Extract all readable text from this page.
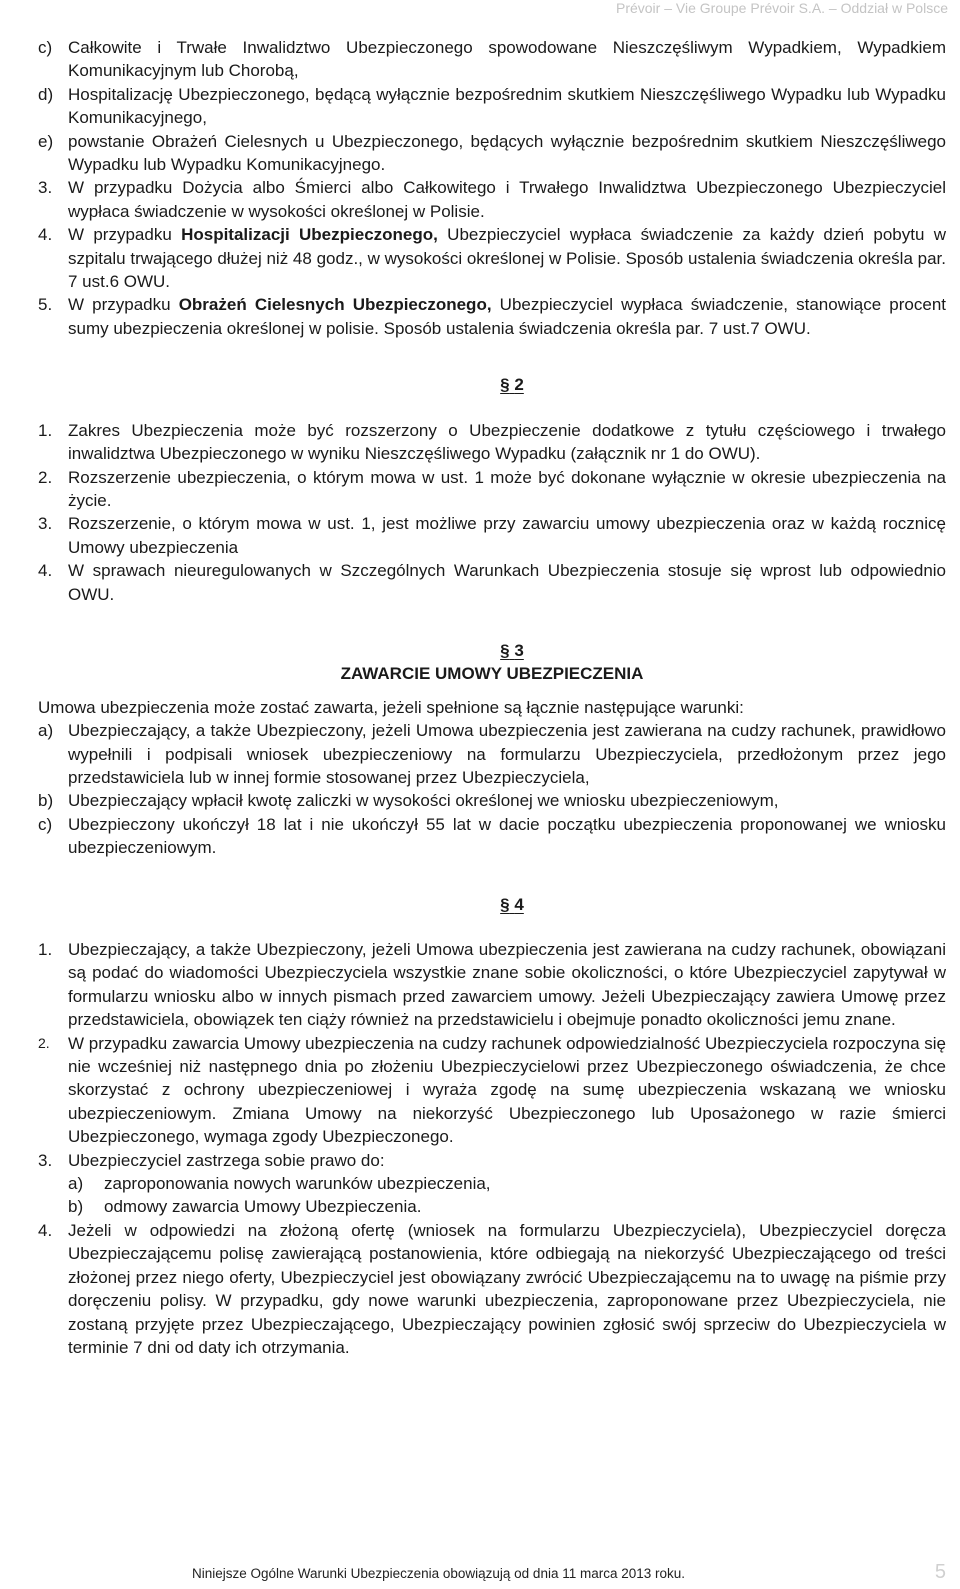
Prévoir – Vie Groupe Prévoir S.A. – Oddział w Polsce
c) Całkowite i Trwałe Inwalidztwo Ubezpieczonego spowodowane Nieszczęśliwym Wypadkiem, Wypadkiem Komunikacyjnym lub Chorobą,
d) Hospitalizację Ubezpieczonego, będącą wyłącznie bezpośrednim skutkiem Nieszczęśliwego Wypadku lub Wypadku Komunikacyjnego,
e) powstanie Obrażeń Cielesnych u Ubezpieczonego, będących wyłącznie bezpośrednim skutkiem Nieszczęśliwego Wypadku lub Wypadku Komunikacyjnego.
3. W przypadku Dożycia albo Śmierci albo Całkowitego i Trwałego Inwalidztwa Ubezpieczonego Ubezpieczyciel wypłaca świadczenie w wysokości określonej w Polisie.
4. W przypadku Hospitalizacji Ubezpieczonego, Ubezpieczyciel wypłaca świadczenie za każdy dzień pobytu w szpitalu trwającego dłużej niż 48 godz., w wysokości określonej w Polisie. Sposób ustalenia świadczenia określa par. 7 ust.6 OWU.
5. W przypadku Obrażeń Cielesnych Ubezpieczonego, Ubezpieczyciel wypłaca świadczenie, stanowiące procent sumy ubezpieczenia określonej w polisie. Sposób ustalenia świadczenia określa par. 7 ust.7 OWU.

§ 2

1. Zakres Ubezpieczenia może być rozszerzony o Ubezpieczenie dodatkowe z tytułu częściowego i trwałego inwalidztwa Ubezpieczonego w wyniku Nieszczęśliwego Wypadku (załącznik nr 1 do OWU).
2. Rozszerzenie ubezpieczenia, o którym mowa w ust. 1 może być dokonane wyłącznie w okresie ubezpieczenia na życie.
3. Rozszerzenie, o którym mowa w ust. 1, jest możliwe przy zawarciu umowy ubezpieczenia oraz w każdą rocznicę Umowy ubezpieczenia
4. W sprawach nieuregulowanych w Szczególnych Warunkach Ubezpieczenia stosuje się wprost lub odpowiednio OWU.

§ 3

ZAWARCIE UMOWY UBEZPIECZENIA

Umowa ubezpieczenia może zostać zawarta, jeżeli spełnione są łącznie następujące warunki:

a) Ubezpieczający, a także Ubezpieczony, jeżeli Umowa ubezpieczenia jest zawierana na cudzy rachunek, prawidłowo wypełnili i podpisali wniosek ubezpieczeniowy na formularzu Ubezpieczyciela, przedłożonym przez jego przedstawiciela lub w innej formie stosowanej przez Ubezpieczyciela,
b) Ubezpieczający wpłacił kwotę zaliczki w wysokości określonej we wniosku ubezpieczeniowym,
c) Ubezpieczony ukończył 18 lat i nie ukończył 55 lat w dacie początku ubezpieczenia proponowanej we wniosku ubezpieczeniowym.

§ 4

1. Ubezpieczający, a także Ubezpieczony, jeżeli Umowa ubezpieczenia jest zawierana na cudzy rachunek, obowiązani są podać do wiadomości Ubezpieczyciela wszystkie znane sobie okoliczności, o które Ubezpieczyciel zapytywał w formularzu wniosku albo w innych pismach przed zawarciem umowy. Jeżeli Ubezpieczający zawiera Umowę przez przedstawiciela, obowiązek ten ciąży również na przedstawicielu i obejmuje ponadto okoliczności jemu znane.
2.	W przypadku zawarcia Umowy ubezpieczenia na cudzy rachunek odpowiedzialność Ubezpieczyciela rozpoczyna się nie wcześniej niż następnego dnia po złożeniu Ubezpieczycielowi przez Ubezpieczonego oświadczenia, że chce skorzystać z ochrony ubezpieczeniowej i wyraża zgodę na sumę ubezpieczenia wskazaną we wniosku ubezpieczeniowym. Zmiana Umowy na niekorzyść Ubezpieczonego lub Uposażonego w razie śmierci Ubezpieczonego, wymaga zgody Ubezpieczonego.
3. Ubezpieczyciel zastrzega sobie prawo do:
a)	zaproponowania nowych warunków ubezpieczenia,
b)	odmowy zawarcia Umowy Ubezpieczenia.
4. Jeżeli w odpowiedzi na złożoną ofertę (wniosek na formularzu Ubezpieczyciela), Ubezpieczyciel doręcza Ubezpieczającemu polisę zawierającą postanowienia, które odbiegają na niekorzyść Ubezpieczającego od treści złożonej przez niego oferty, Ubezpieczyciel jest obowiązany zwrócić Ubezpieczającemu na to uwagę na piśmie przy doręczeniu polisy. W przypadku, gdy nowe warunki ubezpieczenia, zaproponowane przez Ubezpieczyciela, nie zostaną przyjęte przez Ubezpieczającego, Ubezpieczający powinien zgłosić swój sprzeciw do Ubezpieczyciela w terminie 7 dni od daty ich otrzymania.
Niniejsze Ogólne Warunki Ubezpieczenia obowiązują od dnia 11 marca 2013 roku.	5
